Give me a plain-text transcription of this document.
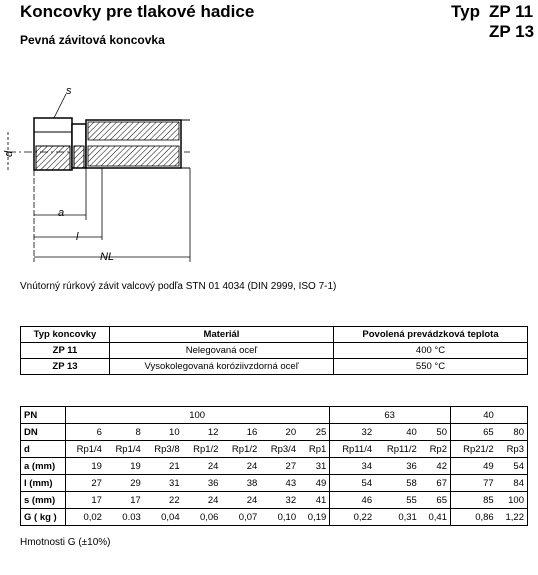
Koncovky pre tlakové hadice	Typ ZP 11
ZP 13
Pevná závitová koncovka
s
d
a
l
NL
Vnútorný rúrkový závit valcový podľa STN 01 4034 (DIN 2999, ISO 7-1)
Typ koncovky	Materiál	Povolená prevádzková teplota
ZP 11	Nelegovaná oceľ	400 °C
ZP 13	Vysokolegovaná koróziivzdorná oceľ	550 °C
PN	100							63			40	
DN	6	8	10	12	16	20	25	32	40	50	65	80
d	Rp1/4	Rp1/4	Rp3/8	Rp1/2	Rp1/2	Rp3/4	Rp1	Rp11/4	Rp11/2	Rp2	Rp21/2	Rp3
a (mm)	19	19	21	24	24	27	31	34	36	42	49	54
l (mm)	27	29	31	36	38	43	49	54	58	67	77	84
s (mm)	17	17	22	24	24	32	41	46	55	65	85	100
G ( kg )	0,02	0.03	0,04	0,06	0,07	0,10	0,19	0,22	0,31	0,41	0,86	1,22
Hmotnosti G (±10%)
